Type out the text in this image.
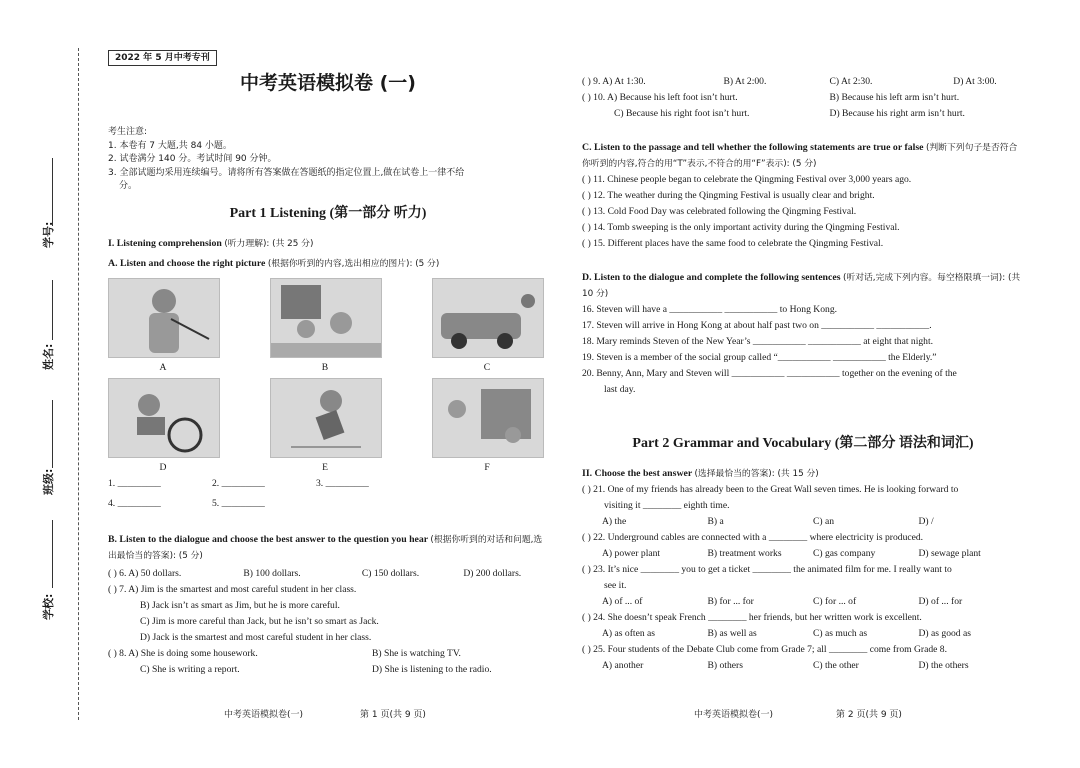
学号:
姓名:
班级:
学校:
2022 年 5 月中考专刊
中考英语模拟卷 (一)
考生注意:
1. 本卷有 7 大题,共 84 小题。
2. 试卷满分 140 分。考试时间 90 分钟。
3. 全部试题均采用连续编号。请将所有答案做在答题纸的指定位置上,做在试卷上一律不给
分。
Part 1 Listening (第一部分 听力)
I. Listening comprehension (听力理解): (共 25 分)
A. Listen and choose the right picture (根据你听到的内容,选出相应的图片): (5 分)
A	B	C
D	E	F
1. _________	2. _________	3. _________
4. _________	5. _________
B. Listen to the dialogue and choose the best answer to the question you hear (根据你听到的对话和问题,选出最恰当的答案): (5 分)
( ) 6. A) 50 dollars.	B) 100 dollars.	C) 150 dollars.	D) 200 dollars.
( ) 7. A) Jim is the smartest and most careful student in her class.
B) Jack isn’t as smart as Jim, but he is more careful.
C) Jim is more careful than Jack, but he isn’t so smart as Jack.
D) Jack is the smartest and most careful student in her class.
( ) 8. A) She is doing some housework.	B) She is watching TV.
C) She is writing a report.	D) She is listening to the radio.
中考英语模拟卷(一)	第 1 页(共 9 页)
( ) 9. A) At 1:30.	B) At 2:00.	C) At 2:30.	D) At 3:00.
( ) 10. A) Because his left foot isn’t hurt.	B) Because his left arm isn’t hurt.
C) Because his right foot isn’t hurt.	D) Because his right arm isn’t hurt.
C. Listen to the passage and tell whether the following statements are true or false (判断下列句子是否符合你听到的内容,符合的用“T”表示,不符合的用“F”表示): (5 分)
( ) 11. Chinese people began to celebrate the Qingming Festival over 3,000 years ago.
( ) 12. The weather during the Qingming Festival is usually clear and bright.
( ) 13. Cold Food Day was celebrated following the Qingming Festival.
( ) 14. Tomb sweeping is the only important activity during the Qingming Festival.
( ) 15. Different places have the same food to celebrate the Qingming Festival.
D. Listen to the dialogue and complete the following sentences (听对话,完成下列内容。每空格限填一词): (共 10 分)
16. Steven will have a ___________ ___________ to Hong Kong.
17. Steven will arrive in Hong Kong at about half past two on ___________ ___________.
18. Mary reminds Steven of the New Year’s ___________ ___________ at eight that night.
19. Steven is a member of the social group called “___________ ___________ the Elderly.”
20. Benny, Ann, Mary and Steven will ___________ ___________ together on the evening of the
last day.
Part 2 Grammar and Vocabulary (第二部分 语法和词汇)
II. Choose the best answer (选择最恰当的答案): (共 15 分)
( ) 21. One of my friends has already been to the Great Wall seven times. He is looking forward to
visiting it ________ eighth time.
A) the	B) a	C) an	D) /
( ) 22. Underground cables are connected with a ________ where electricity is produced.
A) power plant	B) treatment works	C) gas company	D) sewage plant
( ) 23. It’s nice ________ you to get a ticket ________ the animated film for me. I really want to
see it.
A) of ... of	B) for ... for	C) for ... of	D) of ... for
( ) 24. She doesn’t speak French ________ her friends, but her written work is excellent.
A) as often as	B) as well as	C) as much as	D) as good as
( ) 25. Four students of the Debate Club come from Grade 7; all ________ come from Grade 8.
A) another	B) others	C) the other	D) the others
中考英语模拟卷(一)	第 2 页(共 9 页)
